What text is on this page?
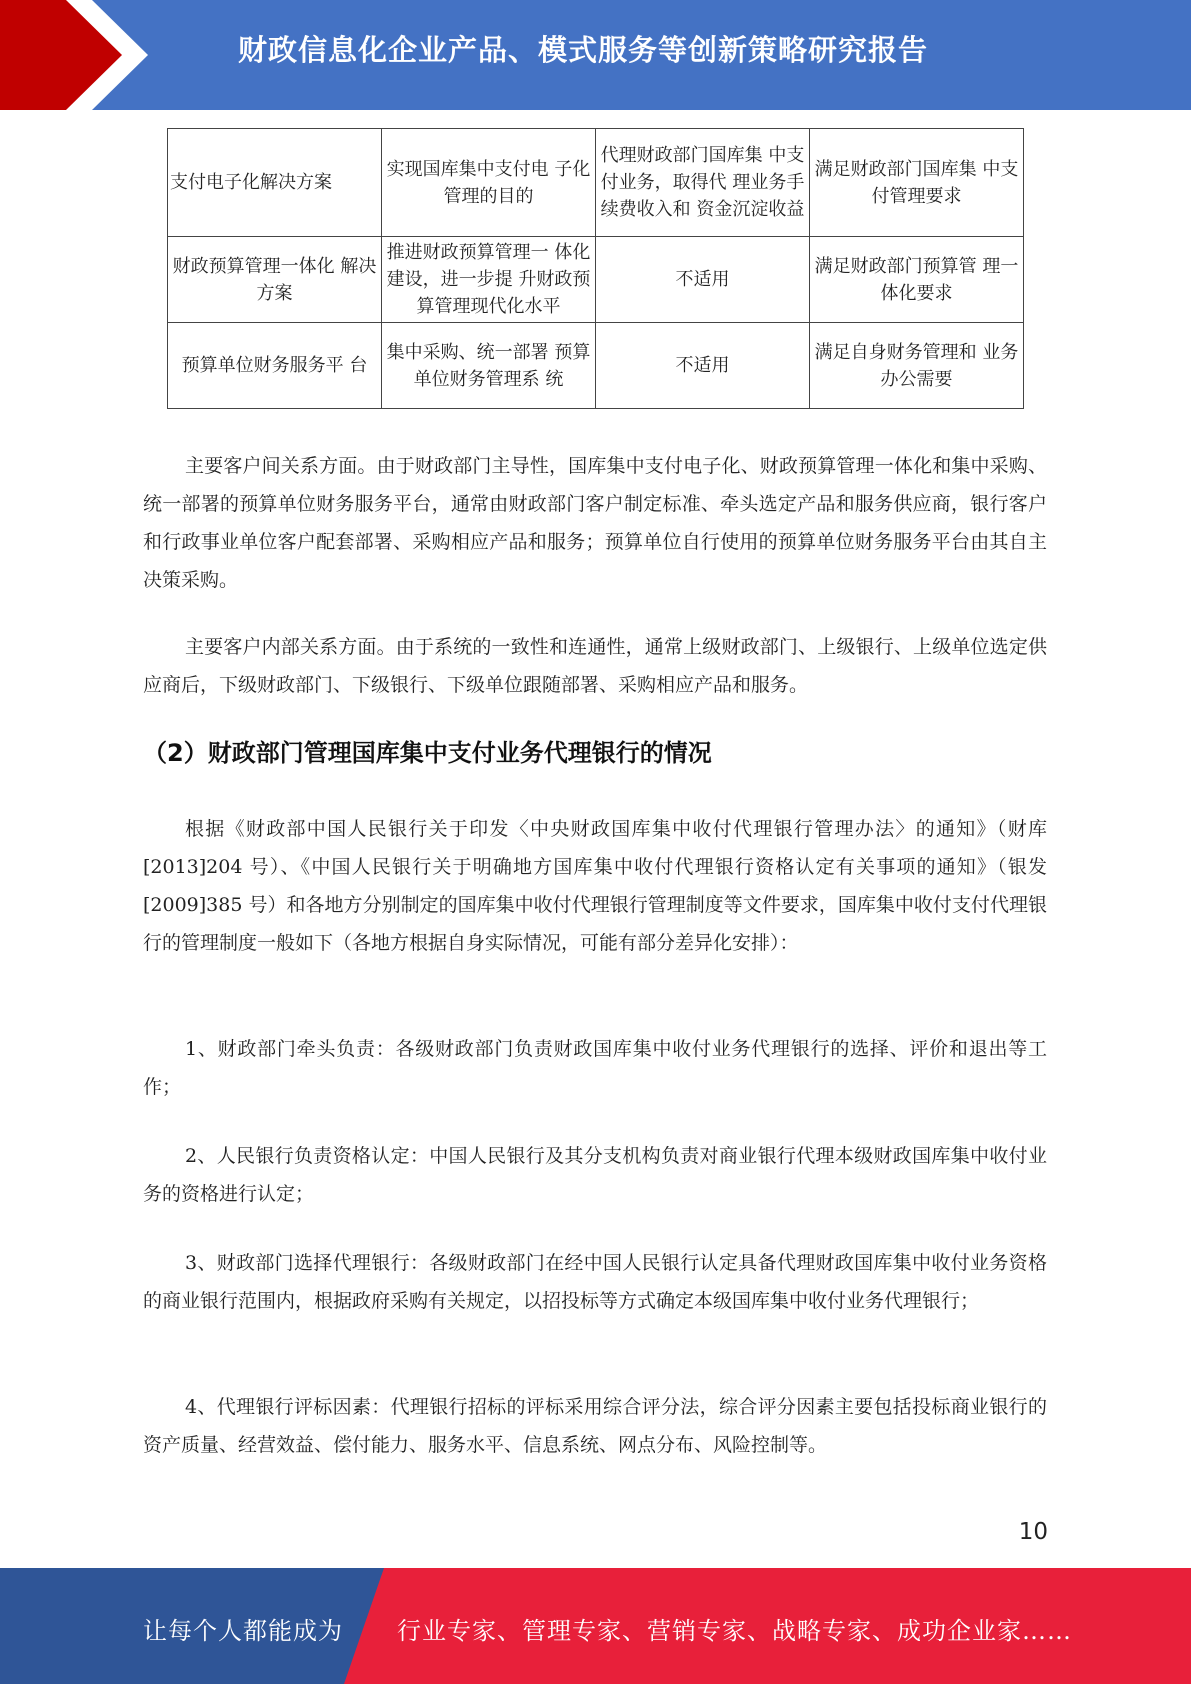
财政信息化企业产品、模式服务等创新策略研究报告
支付电子化解决方案	实现国库集中支付电 子化管理的目的	代理财政部门国库集 中支付业务，取得代 理业务手续费收入和 资金沉淀收益	满足财政部门国库集 中支付管理要求
财政预算管理一体化 解决方案	推进财政预算管理一 体化建设，进一步提 升财政预算管理现代化水平	不适用	满足财政部门预算管 理一体化要求
预算单位财务服务平 台	集中采购、统一部署 预算单位财务管理系 统	不适用	满足自身财务管理和 业务办公需要

主要客户间关系方面。由于财政部门主导性，国库集中支付电子化、财政预算管理一体化和集中采购、统一部署的预算单位财务服务平台，通常由财政部门客户制定标准、牵头选定产品和服务供应商，银行客户和行政事业单位客户配套部署、采购相应产品和服务；预算单位自行使用的预算单位财务服务平台由其自主决策采购。

主要客户内部关系方面。由于系统的一致性和连通性，通常上级财政部门、上级银行、上级单位选定供应商后，下级财政部门、下级银行、下级单位跟随部署、采购相应产品和服务。

（2）财政部门管理国库集中支付业务代理银行的情况

根据《财政部中国人民银行关于印发〈中央财政国库集中收付代理银行管理办法〉的通知》（财库[2013]204 号）、《中国人民银行关于明确地方国库集中收付代理银行资格认定有关事项的通知》（银发[2009]385 号）和各地方分别制定的国库集中收付代理银行管理制度等文件要求，国库集中收付支付代理银行的管理制度一般如下（各地方根据自身实际情况，可能有部分差异化安排）：

1、财政部门牵头负责：各级财政部门负责财政国库集中收付业务代理银行的选择、评价和退出等工作；

2、人民银行负责资格认定：中国人民银行及其分支机构负责对商业银行代理本级财政国库集中收付业务的资格进行认定；

3、财政部门选择代理银行：各级财政部门在经中国人民银行认定具备代理财政国库集中收付业务资格的商业银行范围内，根据政府采购有关规定，以招投标等方式确定本级国库集中收付业务代理银行；

4、代理银行评标因素：代理银行招标的评标采用综合评分法，综合评分因素主要包括投标商业银行的资产质量、经营效益、偿付能力、服务水平、信息系统、网点分布、风险控制等。

10
让每个人都能成为 行业专家、管理专家、营销专家、战略专家、成功企业家……
